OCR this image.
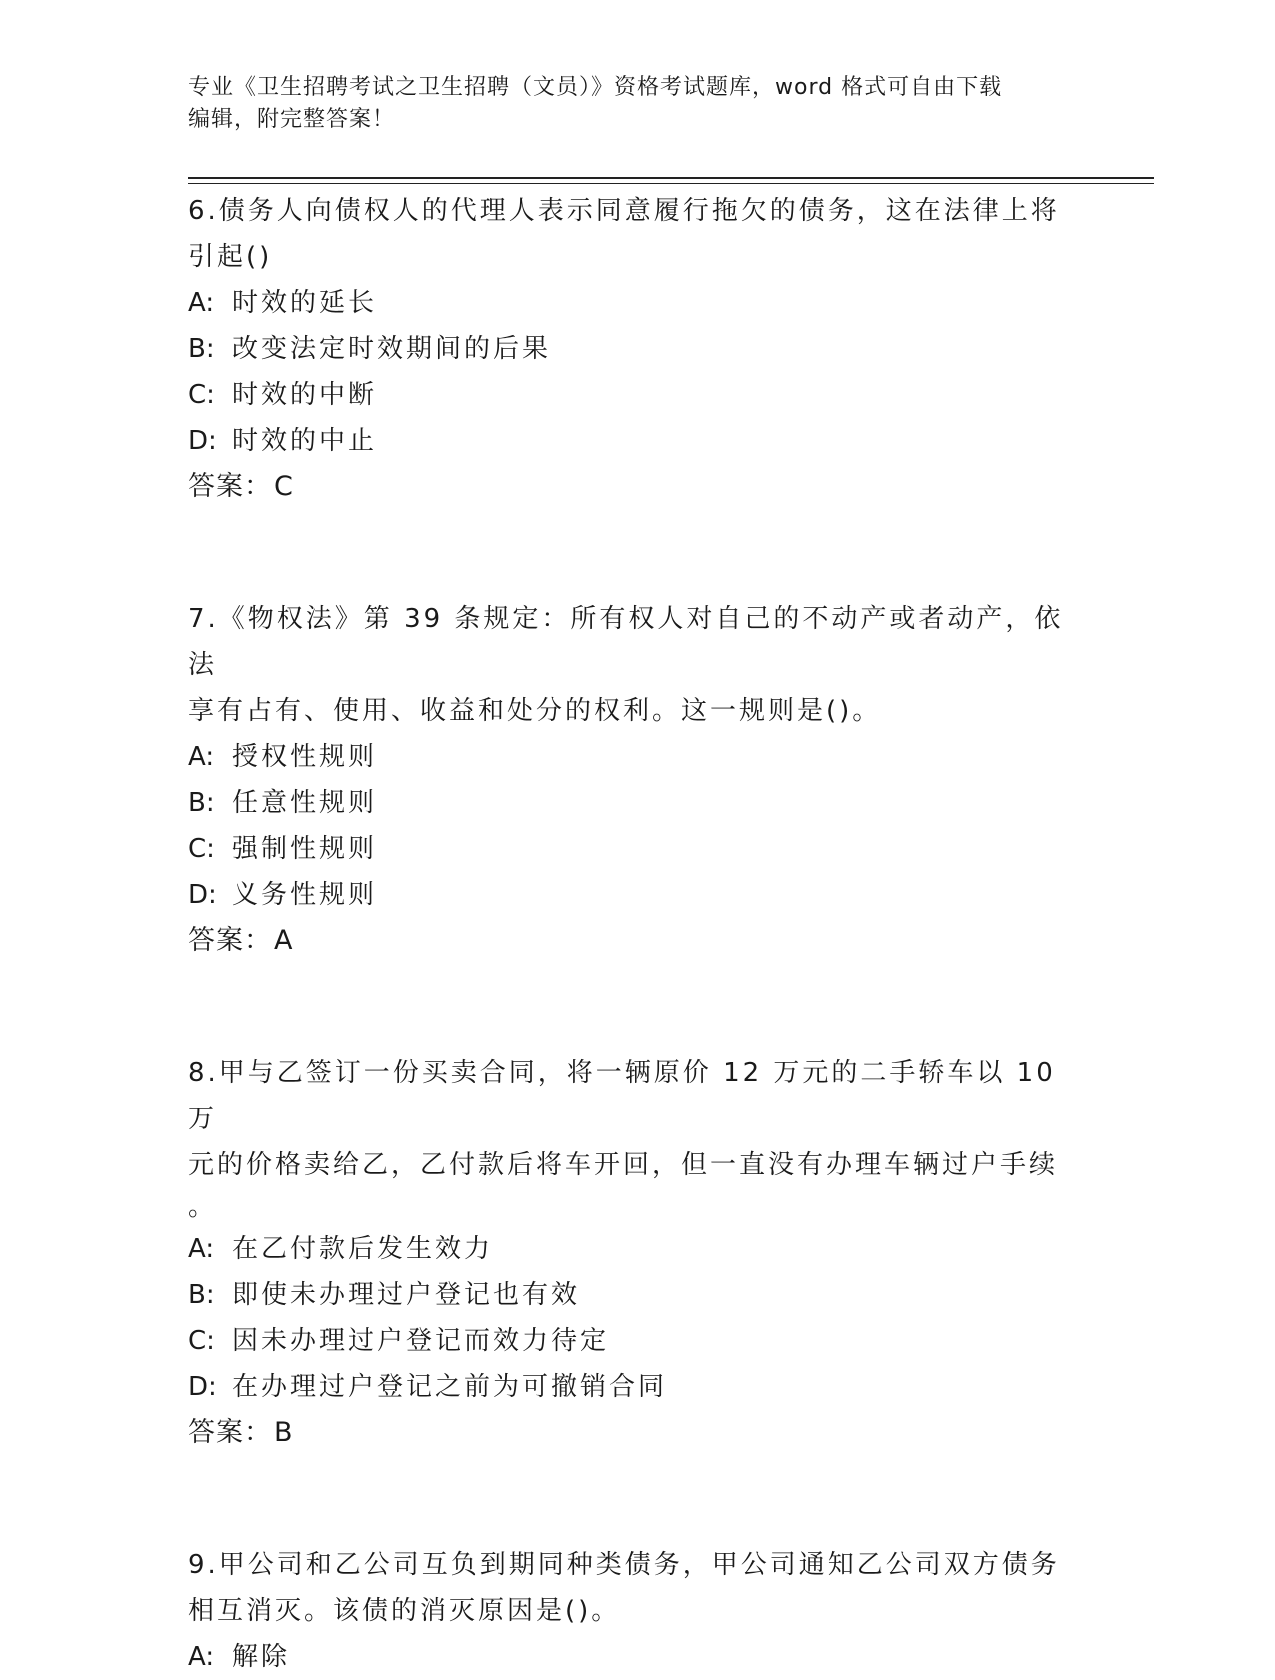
专业《卫生招聘考试之卫生招聘（文员）》资格考试题库，word 格式可自由下载
编辑，附完整答案！

6.债务人向债权人的代理人表示同意履行拖欠的债务，这在法律上将

引起()

A: 时效的延长
B: 改变法定时效期间的后果
C: 时效的中断
D: 时效的中止

答案：C

7.《物权法》第 39 条规定：所有权人对自己的不动产或者动产，依法

享有占有、使用、收益和处分的权利。这一规则是()。

A: 授权性规则
B: 任意性规则
C: 强制性规则
D: 义务性规则

答案：A

8.甲与乙签订一份买卖合同，将一辆原价 12 万元的二手轿车以 10 万

元的价格卖给乙，乙付款后将车开回，但一直没有办理车辆过户手续

。

A: 在乙付款后发生效力
B: 即使未办理过户登记也有效
C: 因未办理过户登记而效力待定
D: 在办理过户登记之前为可撤销合同

答案：B

9.甲公司和乙公司互负到期同种类债务，甲公司通知乙公司双方债务

相互消灭。该债的消灭原因是()。

A: 解除
